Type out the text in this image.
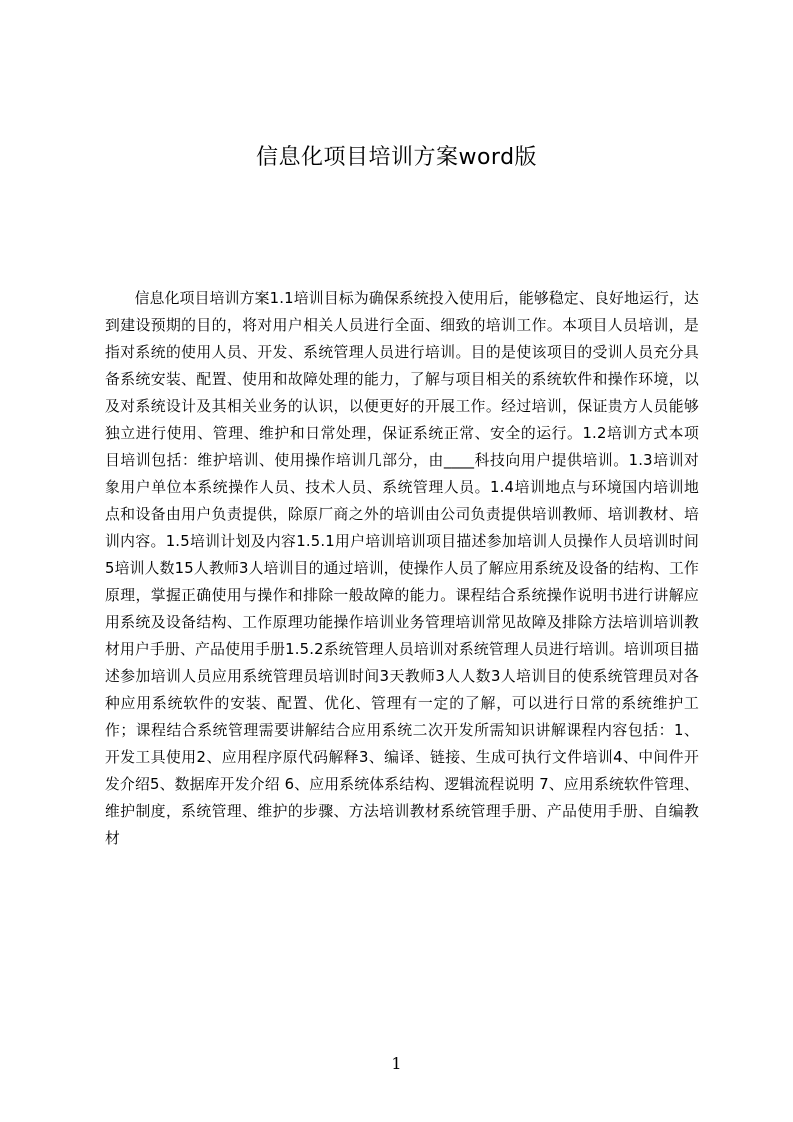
信息化项目培训方案word版

信息化项目培训方案1.1培训目标为确保系统投入使用后，能够稳定、良好地运行，达到建设预期的目的，将对用户相关人员进行全面、细致的培训工作。本项目人员培训，是指对系统的使用人员、开发、系统管理人员进行培训。目的是使该项目的受训人员充分具备系统安装、配置、使用和故障处理的能力，了解与项目相关的系统软件和操作环境，以及对系统设计及其相关业务的认识，以便更好的开展工作。经过培训，保证贵方人员能够独立进行使用、管理、维护和日常处理，保证系统正常、安全的运行。1.2培训方式本项目培训包括：维护培训、使用操作培训几部分，由____科技向用户提供培训。1.3培训对象用户单位本系统操作人员、技术人员、系统管理人员。1.4培训地点与环境国内培训地点和设备由用户负责提供，除原厂商之外的培训由公司负责提供培训教师、培训教材、培训内容。1.5培训计划及内容1.5.1用户培训培训项目描述参加培训人员操作人员培训时间5培训人数15人教师3人培训目的通过培训，使操作人员了解应用系统及设备的结构、工作原理，掌握正确使用与操作和排除一般故障的能力。课程结合系统操作说明书进行讲解应用系统及设备结构、工作原理功能操作培训业务管理培训常见故障及排除方法培训培训教材用户手册、产品使用手册1.5.2系统管理人员培训对系统管理人员进行培训。培训项目描述参加培训人员应用系统管理员培训时间3天教师3人人数3人培训目的使系统管理员对各种应用系统软件的安装、配置、优化、管理有一定的了解，可以进行日常的系统维护工作；课程结合系统管理需要讲解结合应用系统二次开发所需知识讲解课程内容包括：1、开发工具使用2、应用程序原代码解释3、编译、链接、生成可执行文件培训4、中间件开发介绍5、数据库开发介绍 6、应用系统体系结构、逻辑流程说明 7、应用系统软件管理、维护制度，系统管理、维护的步骤、方法培训教材系统管理手册、产品使用手册、自编教材

1
